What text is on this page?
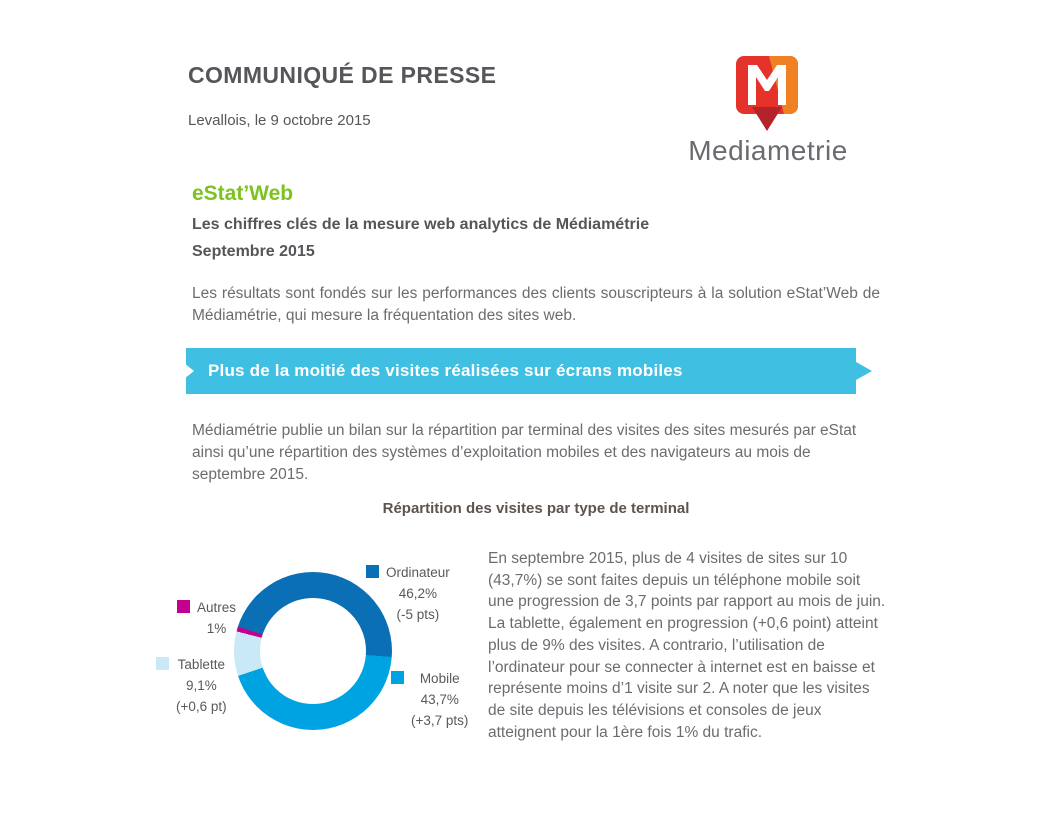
COMMUNIQUÉ DE PRESSE
Levallois, le 9 octobre 2015
Mediametrie
eStat’Web
Les chiffres clés de la mesure web analytics de Médiamétrie
Septembre 2015

Les résultats sont fondés sur les performances des clients souscripteurs à la solution eStat’Web de Médiamétrie, qui mesure la fréquentation des sites web.

Plus de la moitié des visites réalisées sur écrans mobiles

Médiamétrie publie un bilan sur la répartition par terminal des visites des sites mesurés par eStat ainsi qu’une répartition des systèmes d’exploitation mobiles et des navigateurs au mois de septembre 2015.

Répartition des visites par type de terminal
Ordinateur
46,2%
(-5 pts)
Mobile
43,7%
(+3,7 pts)
Tablette
9,1%
(+0,6 pt)
Autres
1%

En septembre 2015, plus de 4 visites de sites sur 10 (43,7%) se sont faites depuis un téléphone mobile soit une progression de 3,7 points par rapport au mois de juin. La tablette, également en progression (+0,6 point) atteint plus de 9% des visites. A contrario, l’utilisation de l’ordinateur pour se connecter à internet est en baisse et représente moins d’1 visite sur 2. A noter que les visites de site depuis les télévisions et consoles de jeux atteignent pour la 1ère fois 1% du trafic.
